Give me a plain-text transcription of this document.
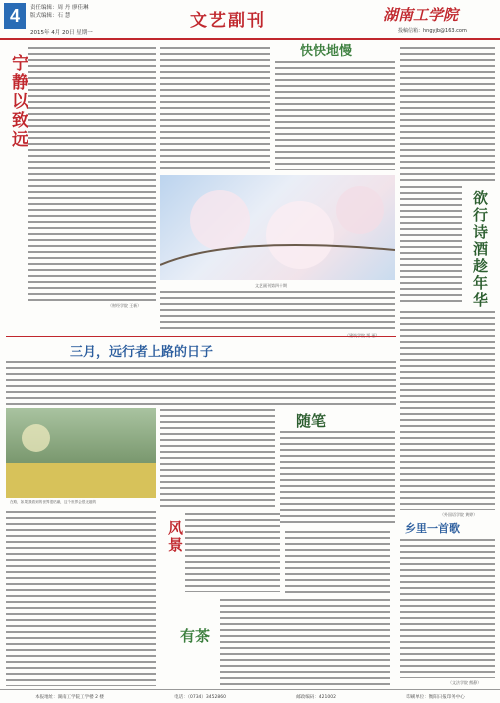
4	责任编辑：周 丹 廖佳琳
版式编辑：石 慧
2015年 4月 20日 星期一
文艺副刊	湖南工学院
投稿信箱：hngyjb@163.com
宁静以致远
（财经学院 王新）
快快地慢
文艺副刊第四十期	欲行诗酒趁年华
（外国语学院 黄婷）
三月，远行者上路的日子
在路，如果我看到的世界很枯燥，这个世界会很无趣的
随笔
风景
有茶
乡里一首歌
（文法学院 熊静）
本报地址：湖南工学院工学楼 2 楼	电话：（0734）3452860	邮政编码：421002	印刷单位：衡阳日报印务中心
